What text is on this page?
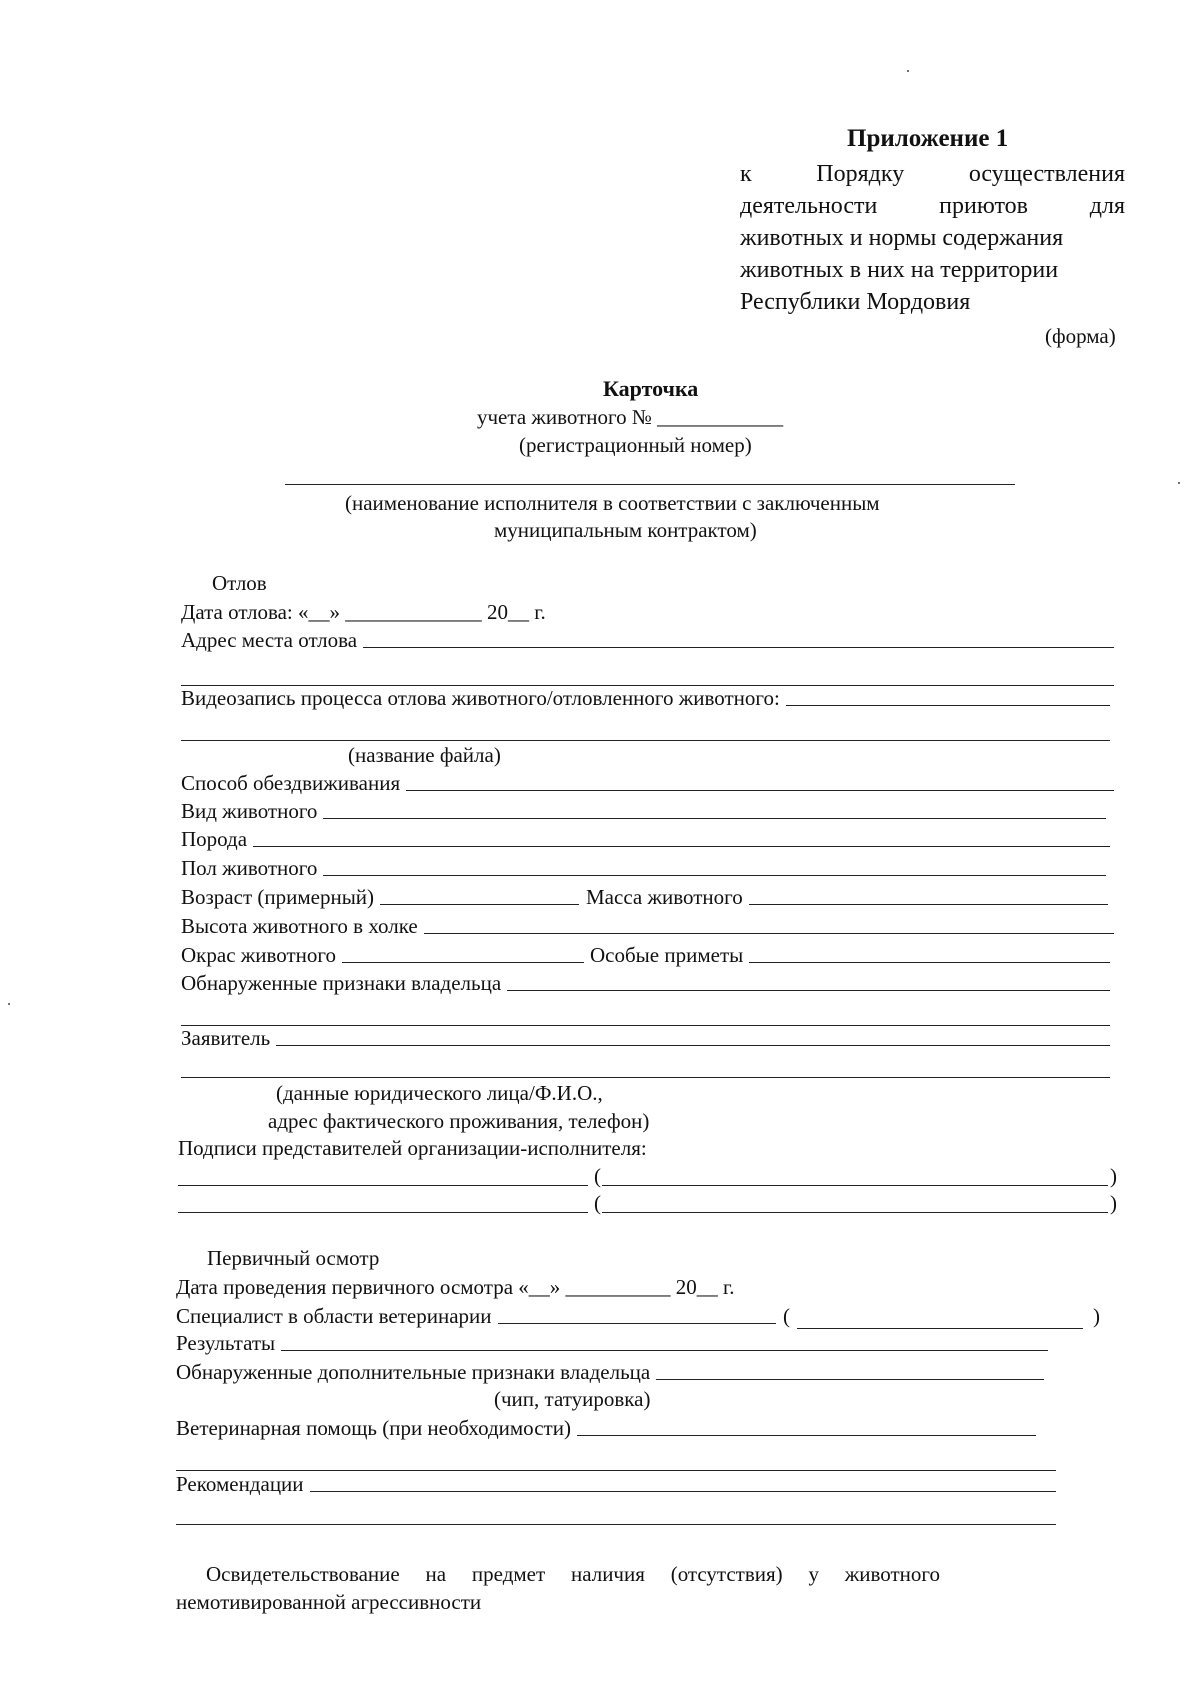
Приложение 1
к Порядку осуществления
деятельности приютов для
животных и нормы содержания
животных в них на территории
Республики Мордовия
(форма)
Карточка
учета животного № ____________
(регистрационный номер)
(наименование исполнителя в соответствии с заключенным
муниципальным контрактом)
Отлов
Дата отлова: «__» _____________ 20__ г.
Адрес места отлова
Видеозапись процесса отлова животного/отловленного животного:
(название файла)
Способ обездвиживания
Вид животного
Порода
Пол животного
Возраст (примерный)	Масса животного
Высота животного в холке
Окрас животного	Особые приметы
Обнаруженные признаки владельца
Заявитель
(данные юридического лица/Ф.И.О.,
адрес фактического проживания, телефон)
Подписи представителей организации-исполнителя:
(	)
(	)
Первичный осмотр
Дата проведения первичного осмотра «__» __________ 20__ г.
Специалист в области ветеринарии	(	)
Результаты
Обнаруженные дополнительные признаки владельца
(чип, татуировка)
Ветеринарная помощь (при необходимости)
Рекомендации
Освидетельствование на предмет наличия (отсутствия) у животного
немотивированной агрессивности
